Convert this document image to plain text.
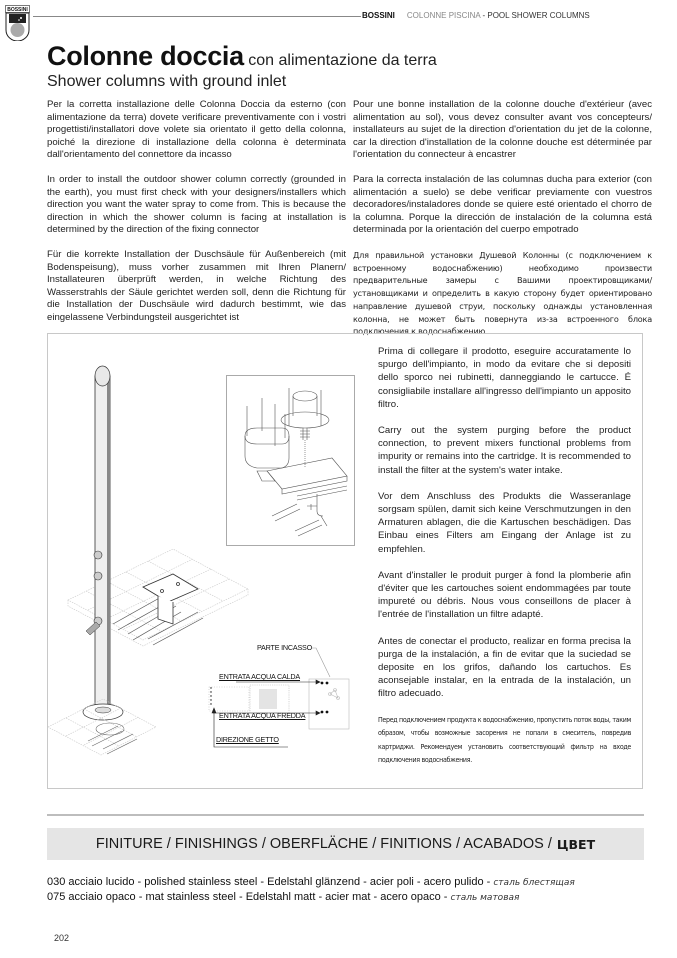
BOSSINI
BOSSINI COLONNE PISCINA - POOL SHOWER COLUMNS
Colonne doccia con alimentazione da terra
Shower columns with ground inlet

Per la corretta installazione delle Colonna Doccia da esterno (con alimentazione da terra) dovete verificare preventivamente con i vostri progettisti/installatori dove volete sia orientato il getto della colonna, poiché la direzione di installazione della colonna è determinata dall'orientamento del connettore da incasso

In order to install the outdoor shower column correctly (grounded in the earth), you must first check with your designers/installers which direction you want the water spray to come from. This is because the direction in which the shower column is facing at installation is determined by the direction of the fixing connector

Für die korrekte Installation der Duschsäule für Außenbereich (mit Bodenspeisung), muss vorher zusammen mit Ihren Planern/ Installateuren überprüft werden, in welche Richtung des Wasserstrahls der Säule gerichtet werden soll, denn die Richtung für die Installation der Duschsäule wird dadurch bestimmt, wie das eingelassene Verbindungsteil ausgerichtet ist

Pour une bonne installation de la colonne douche d'extérieur (avec alimentation au sol), vous devez consulter avant vos concepteurs/ installateurs au sujet de la direction d'orientation du jet de la colonne, car la direction d'installation de la colonne douche est déterminée par l'orientation du connecteur à encastrer

Para la correcta instalación de las columnas ducha para exterior (con alimentación a suelo) se debe verificar previamente con vuestros decoradores/instaladores donde se quiere esté orientado el chorro de la columna. Porque la dirección de instalación de la columna está determinada por la orientación del cuerpo empotrado

Для правильной установки Душевой Колонны (с подключением к встроенному водоснабжению) необходимо произвести предварительные замеры с Вашими проектировщиками/установщиками и определить в какую сторону будет ориентировано направление душевой струи, поскольку однажды установленная колонна, не может быть повернута из-за встроенного блока подключения к водоснабжению

PARTE INCASSO
ENTRATA ACQUA CALDA
ENTRATA ACQUA FREDDA
DIREZIONE GETTO

Prima di collegare il prodotto, eseguire accuratamente lo spurgo dell'impianto, in modo da evitare che si depositi dello sporco nei rubinetti, danneggiando le cartucce. É consigliabile installare all'ingresso dell'impianto un apposito filtro.

Carry out the system purging before the product connection, to prevent mixers functional problems from impurity or remains into the cartridge. It is recommended to install the filter at the system's water intake.

Vor dem Anschluss des Produkts die Wasseranlage sorgsam spülen, damit sich keine Verschmutzungen in den Armaturen ablagen, die die Kartuschen beschädigen. Das Einbau eines Filters am Eingang der Anlage ist zu empfehlen.

Avant d'installer le produit purger à fond la plomberie afin d'éviter que les cartouches soient endommagées par toute impureté ou débris. Nous vous conseillons de placer à l'entrée de l'installation un filtre adapté.

Antes de conectar el producto, realizar en forma precisa la purga de la instalación, a fin de evitar que la suciedad se deposite en los grifos, dañando los cartuchos. Es aconsejable instalar, en la entrada de la instalación, un filtro adecuado.

Перед подключением продукта к водоснабжению, пропустить поток воды, таким образом, чтобы возможные засорения не попали в смеситель, повредив картриджи. Рекомендуем установить соответствующий фильтр на входе подключения водоснабжения.

FINITURE / FINISHINGS / OBERFLÄCHE / FINITIONS / ACABADOS / ЦВЕТ
030 acciaio lucido - polished stainless steel - Edelstahl glänzend - acier poli - acero pulido - сталь блестящая
075 acciaio opaco - mat stainless steel - Edelstahl matt - acier mat - acero opaco - сталь матовая
202
